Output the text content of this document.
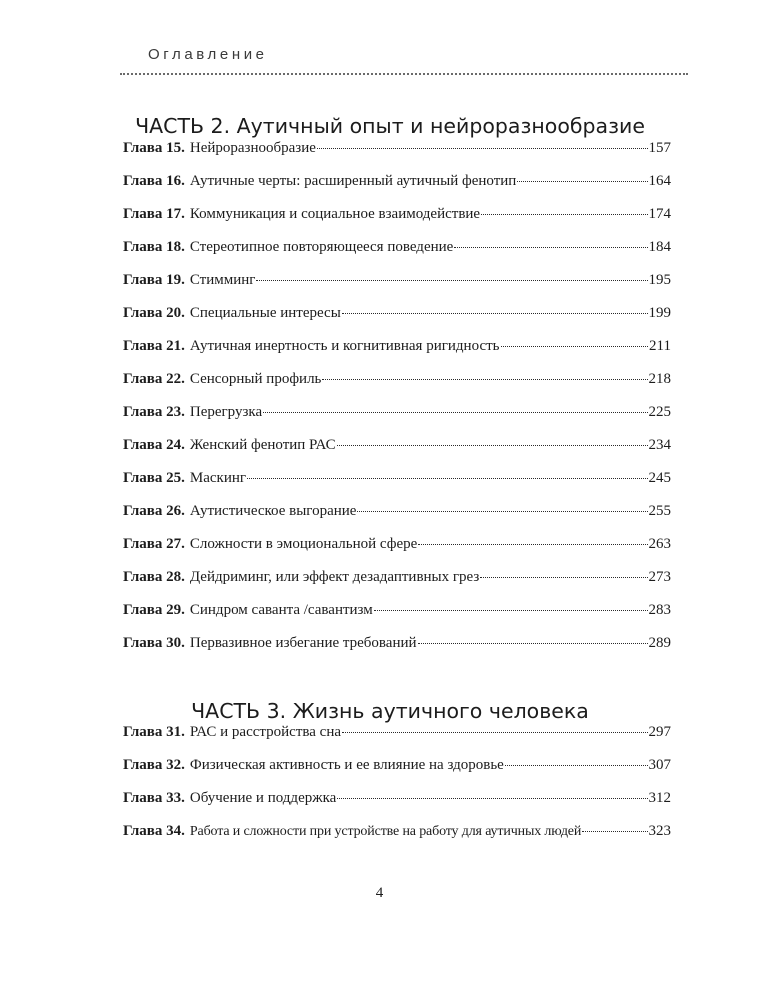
Оглавление
ЧАСТЬ 2. Аутичный опыт и нейроразнообразие
Глава 15. Нейроразнообразие	157
Глава 16. Аутичные черты: расширенный аутичный фенотип	164
Глава 17. Коммуникация и социальное взаимодействие	174
Глава 18. Стереотипное повторяющееся поведение	184
Глава 19. Стимминг	195
Глава 20. Специальные интересы	199
Глава 21. Аутичная инертность и когнитивная ригидность	211
Глава 22. Сенсорный профиль	218
Глава 23. Перегрузка	225
Глава 24. Женский фенотип РАС	234
Глава 25. Маскинг	245
Глава 26. Аутистическое выгорание	255
Глава 27. Сложности в эмоциональной сфере	263
Глава 28. Дейдриминг, или эффект дезадаптивных грез	273
Глава 29. Синдром саванта /савантизм	283
Глава 30. Первазивное избегание требований	289
ЧАСТЬ 3. Жизнь аутичного человека
Глава 31. РАС и расстройства сна	297
Глава 32. Физическая активность и ее влияние на здоровье	307
Глава 33. Обучение и поддержка	312
Глава 34. Работа и сложности при устройстве на работу для аутичных людей	323
4
